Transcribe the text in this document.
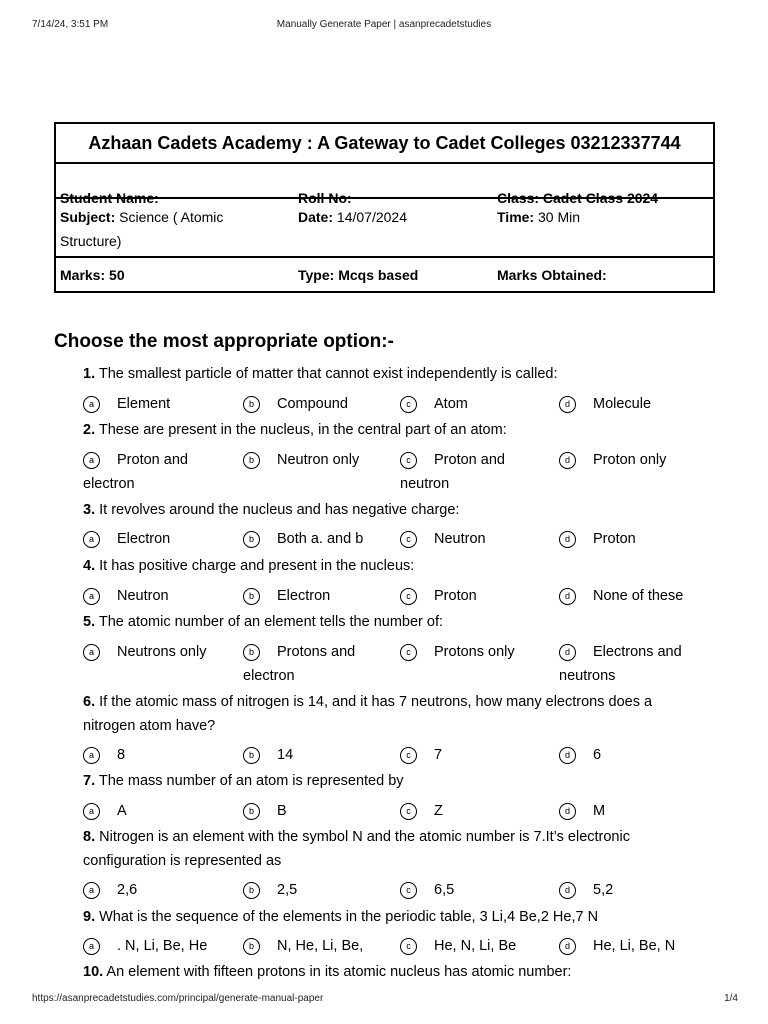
7/14/24, 3:51 PM	Manually Generate Paper | asanprecadetstudies
Azhaan Cadets Academy : A Gateway to Cadet Colleges 03212337744

Student Name:	Roll No:	Class: Cadet Class 2024

Subject: Science ( Atomic
Structure)
Date: 14/07/2024	Time: 30 Min

Marks: 50	Type: Mcqs based	Marks Obtained:
Choose the most appropriate option:-
1. The smallest particle of matter that cannot exist independently is called:
a Element	b Compound	c Atom	d Molecule
2. These are present in the nucleus, in the central part of an atom:
a Proton and electron
b Neutron only	c Proton and neutron
d Proton only
3. It revolves around the nucleus and has negative charge:
a Electron	b Both a. and b	c Neutron	d Proton
4. It has positive charge and present in the nucleus:
a Neutron	b Electron	c Proton	d None of these
5. The atomic number of an element tells the number of:
a Neutrons only	b Protons and electron
c Protons only	d Electrons and neutrons
6. If the atomic mass of nitrogen is 14, and it has 7 neutrons, how many electrons does a nitrogen atom have?
a 8	b 14	c 7	d 6
7. The mass number of an atom is represented by
a A	b B	c Z	d M
8. Nitrogen is an element with the symbol N and the atomic number is 7.It’s electronic configuration is represented as
a 2,6	b 2,5	c 6,5	d 5,2
9. What is the sequence of the elements in the periodic table, 3 Li,4 Be,2 He,7 N
a . N, Li, Be, He	b N, He, Li, Be,	c He, N, Li, Be	d He, Li, Be, N
10. An element with fifteen protons in its atomic nucleus has atomic number:
https://asanprecadetstudies.com/principal/generate-manual-paper	1/4
